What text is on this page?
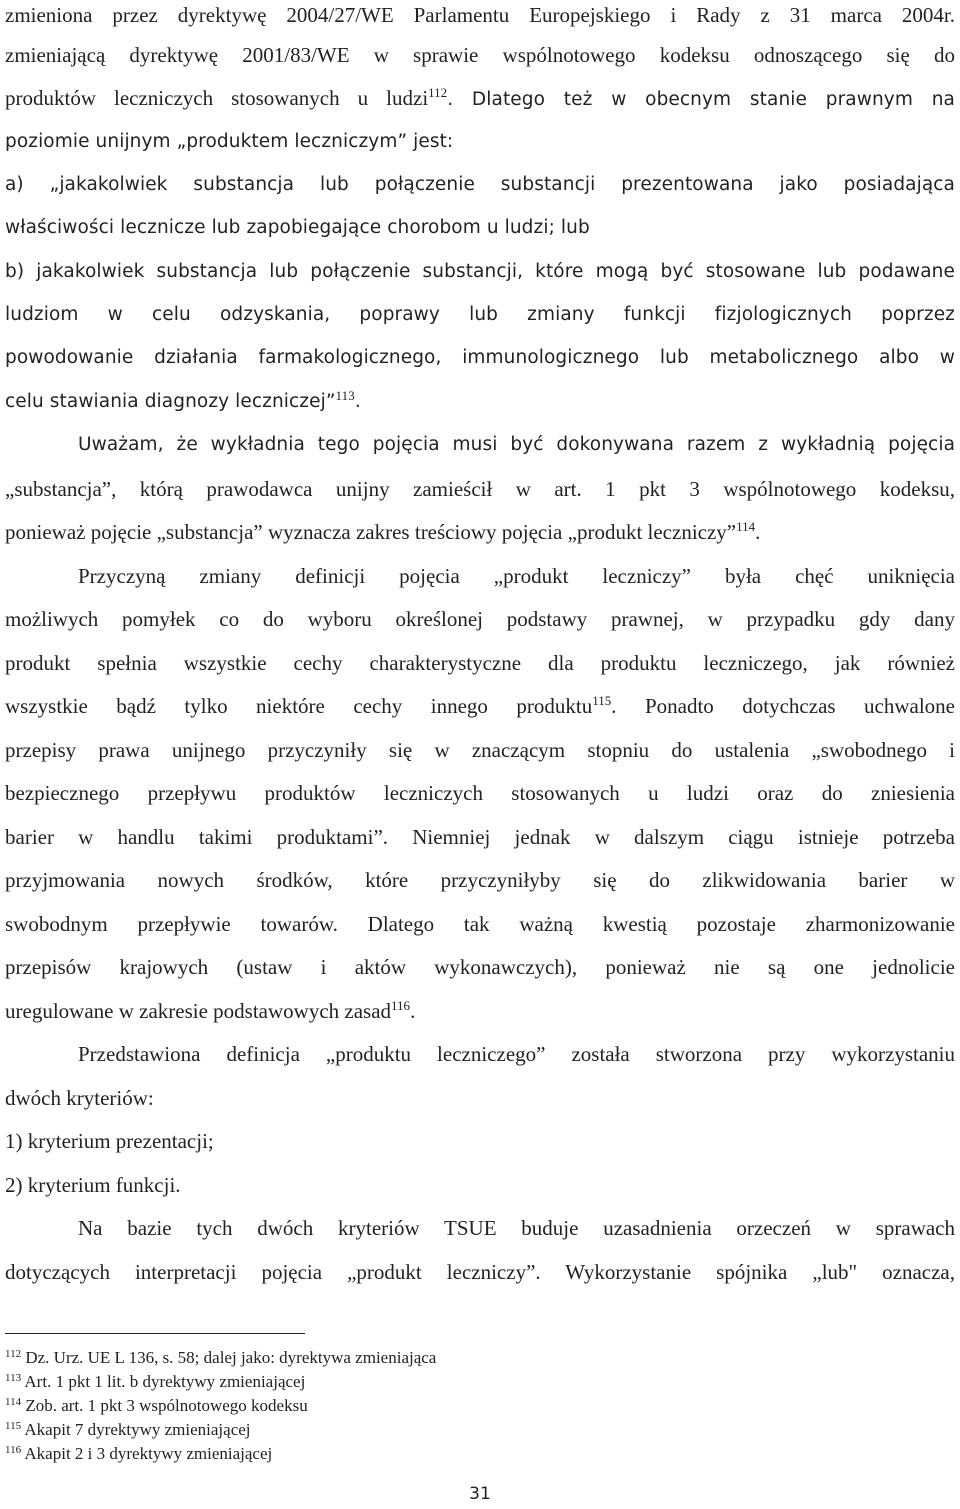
zmieniona przez dyrektywę 2004/27/WE Parlamentu Europejskiego i Rady z 31 marca 2004r.
zmieniającą dyrektywę 2001/83/WE w sprawie wspólnotowego kodeksu odnoszącego się do
produktów leczniczych stosowanych u ludzi$^{112}$. Dlatego też w obecnym stanie prawnym na
poziomie unijnym „produktem leczniczym” jest:
a) „jakakolwiek substancja lub połączenie substancji prezentowana jako posiadająca
właściwości lecznicze lub zapobiegające chorobom u ludzi; lub
b) jakakolwiek substancja lub połączenie substancji, które mogą być stosowane lub podawane
ludziom w celu odzyskania, poprawy lub zmiany funkcji fizjologicznych poprzez
powodowanie działania farmakologicznego, immunologicznego lub metabolicznego albo w
celu stawiania diagnozy leczniczej”$^{113}$.
Uważam, że wykładnia tego pojęcia musi być dokonywana razem z wykładnią pojęcia
„substancja”, którą prawodawca unijny zamieścił w art. 1 pkt 3 wspólnotowego kodeksu,
ponieważ pojęcie „substancja” wyznacza zakres treściowy pojęcia „produkt leczniczy”$^{114}$.
Przyczyną zmiany definicji pojęcia „produkt leczniczy” była chęć uniknięcia
możliwych pomyłek co do wyboru określonej podstawy prawnej, w przypadku gdy dany
produkt spełnia wszystkie cechy charakterystyczne dla produktu leczniczego, jak również
wszystkie bądź tylko niektóre cechy innego produktu$^{115}$. Ponadto dotychczas uchwalone
przepisy prawa unijnego przyczyniły się w znaczącym stopniu do ustalenia „swobodnego i
bezpiecznego przepływu produktów leczniczych stosowanych u ludzi oraz do zniesienia
barier w handlu takimi produktami”. Niemniej jednak w dalszym ciągu istnieje potrzeba
przyjmowania nowych środków, które przyczyniłyby się do zlikwidowania barier w
swobodnym przepływie towarów. Dlatego tak ważną kwestią pozostaje zharmonizowanie
przepisów krajowych (ustaw i aktów wykonawczych), ponieważ nie są one jednolicie
uregulowane w zakresie podstawowych zasad$^{116}$.
Przedstawiona definicja „produktu leczniczego” została stworzona przy wykorzystaniu
dwóch kryteriów:
1) kryterium prezentacji;
2) kryterium funkcji.
Na bazie tych dwóch kryteriów TSUE buduje uzasadnienia orzeczeń w sprawach
dotyczących interpretacji pojęcia „produkt leczniczy”. Wykorzystanie spójnika „lub" oznacza,
$^{112}$ Dz. Urz. UE L 136, s. 58; dalej jako: dyrektywa zmieniająca
$^{113}$ Art. 1 pkt 1 lit. b dyrektywy zmieniającej
$^{114}$ Zob. art. 1 pkt 3 wspólnotowego kodeksu
$^{115}$ Akapit 7 dyrektywy zmieniającej
$^{116}$ Akapit 2 i 3 dyrektywy zmieniającej
31
